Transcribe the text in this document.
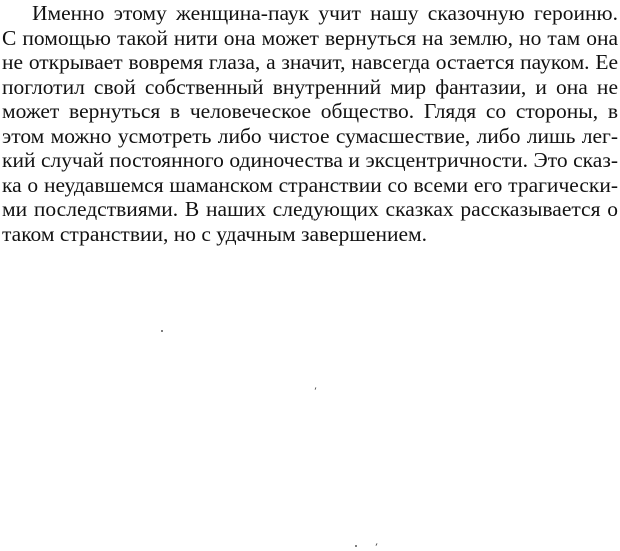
Именно этому женщина-паук учит нашу сказочную героиню.
С помощью такой нити она может вернуться на землю, но там она
не открывает вовремя глаза, а значит, навсегда остается пауком. Ее
поглотил свой собственный внутренний мир фантазии, и она не
может вернуться в человеческое общество. Глядя со стороны, в
этом можно усмотреть либо чистое сумасшествие, либо лишь лег-
кий случай постоянного одиночества и эксцентричности. Это сказ-
ка о неудавшемся шаманском странствии со всеми его трагически-
ми последствиями. В наших следующих сказках рассказывается о
таком странствии, но с удачным завершением.
